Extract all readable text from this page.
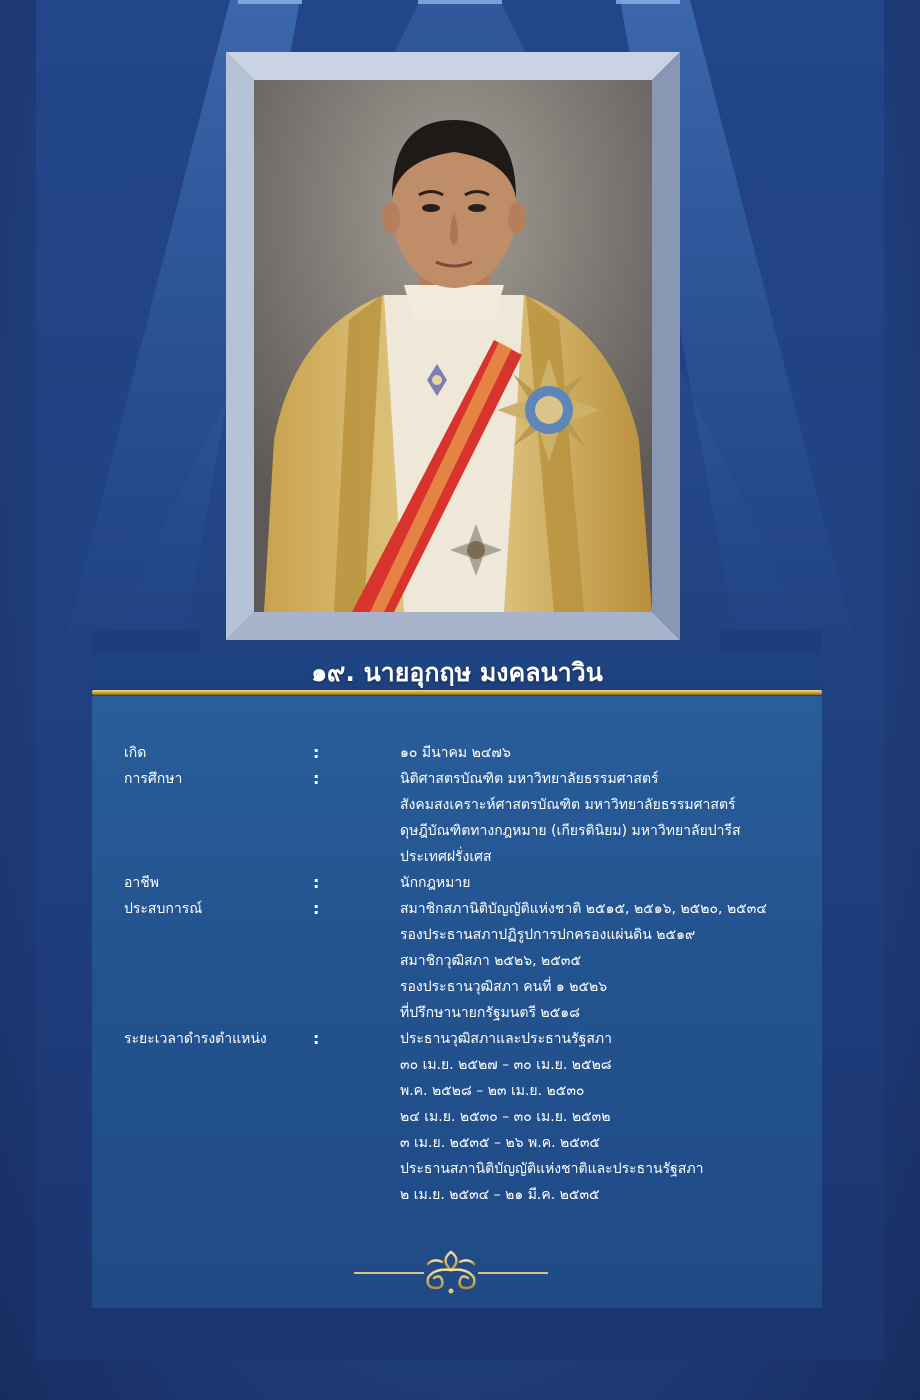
๑๙. นายอุกฤษ มงคลนาวิน
เกิด	:	๑๐ มีนาคม ๒๔๗๖
การศึกษา	:	นิติศาสตรบัณฑิต มหาวิทยาลัยธรรมศาสตร์
สังคมสงเคราะห์ศาสตรบัณฑิต มหาวิทยาลัยธรรมศาสตร์
ดุษฎีบัณฑิตทางกฎหมาย (เกียรตินิยม) มหาวิทยาลัยปารีส
ประเทศฝรั่งเศส
อาชีพ	:	นักกฎหมาย
ประสบการณ์	:	สมาชิกสภานิติบัญญัติแห่งชาติ ๒๕๑๕, ๒๕๑๖, ๒๕๒๐, ๒๕๓๔
รองประธานสภาปฏิรูปการปกครองแผ่นดิน ๒๕๑๙
สมาชิกวุฒิสภา ๒๕๒๖, ๒๕๓๕
รองประธานวุฒิสภา คนที่ ๑ ๒๕๒๖
ที่ปรึกษานายกรัฐมนตรี ๒๕๑๘
ระยะเวลาดำรงตำแหน่ง	:	ประธานวุฒิสภาและประธานรัฐสภา
๓๐ เม.ย. ๒๕๒๗ – ๓๐ เม.ย. ๒๕๒๘
พ.ค. ๒๕๒๘ – ๒๓ เม.ย. ๒๕๓๐
๒๔ เม.ย. ๒๕๓๐ – ๓๐ เม.ย. ๒๕๓๒
๓ เม.ย. ๒๕๓๕ – ๒๖ พ.ค. ๒๕๓๕
ประธานสภานิติบัญญัติแห่งชาติและประธานรัฐสภา
๒ เม.ย. ๒๕๓๔ – ๒๑ มี.ค. ๒๕๓๕
